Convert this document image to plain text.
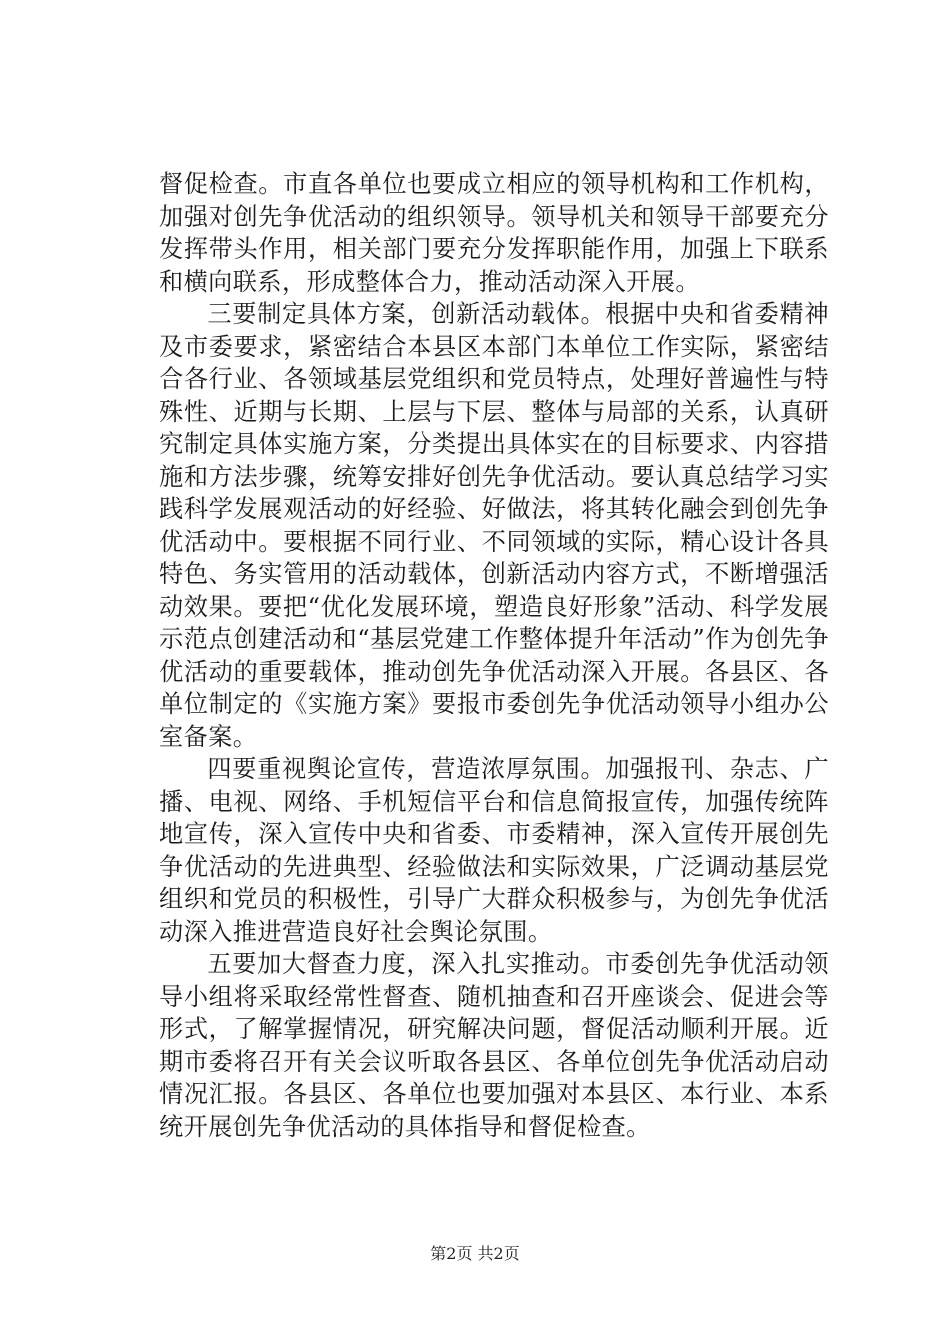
督促检查。市直各单位也要成立相应的领导机构和工作机构，加强对创先争优活动的组织领导。领导机关和领导干部要充分发挥带头作用，相关部门要充分发挥职能作用，加强上下联系和横向联系，形成整体合力，推动活动深入开展。

三要制定具体方案，创新活动载体。根据中央和省委精神及市委要求，紧密结合本县区本部门本单位工作实际，紧密结合各行业、各领域基层党组织和党员特点，处理好普遍性与特殊性、近期与长期、上层与下层、整体与局部的关系，认真研究制定具体实施方案，分类提出具体实在的目标要求、内容措施和方法步骤，统筹安排好创先争优活动。要认真总结学习实践科学发展观活动的好经验、好做法，将其转化融会到创先争优活动中。要根据不同行业、不同领域的实际，精心设计各具特色、务实管用的活动载体，创新活动内容方式，不断增强活动效果。要把“优化发展环境，塑造良好形象”活动、科学发展示范点创建活动和“基层党建工作整体提升年活动”作为创先争优活动的重要载体，推动创先争优活动深入开展。各县区、各单位制定的《实施方案》要报市委创先争优活动领导小组办公室备案。

四要重视舆论宣传，营造浓厚氛围。加强报刊、杂志、广播、电视、网络、手机短信平台和信息简报宣传，加强传统阵地宣传，深入宣传中央和省委、市委精神，深入宣传开展创先争优活动的先进典型、经验做法和实际效果，广泛调动基层党组织和党员的积极性，引导广大群众积极参与，为创先争优活动深入推进营造良好社会舆论氛围。

五要加大督查力度，深入扎实推动。市委创先争优活动领导小组将采取经常性督查、随机抽查和召开座谈会、促进会等形式，了解掌握情况，研究解决问题，督促活动顺利开展。近期市委将召开有关会议听取各县区、各单位创先争优活动启动情况汇报。各县区、各单位也要加强对本县区、本行业、本系统开展创先争优活动的具体指导和督促检查。

第2页 共2页
